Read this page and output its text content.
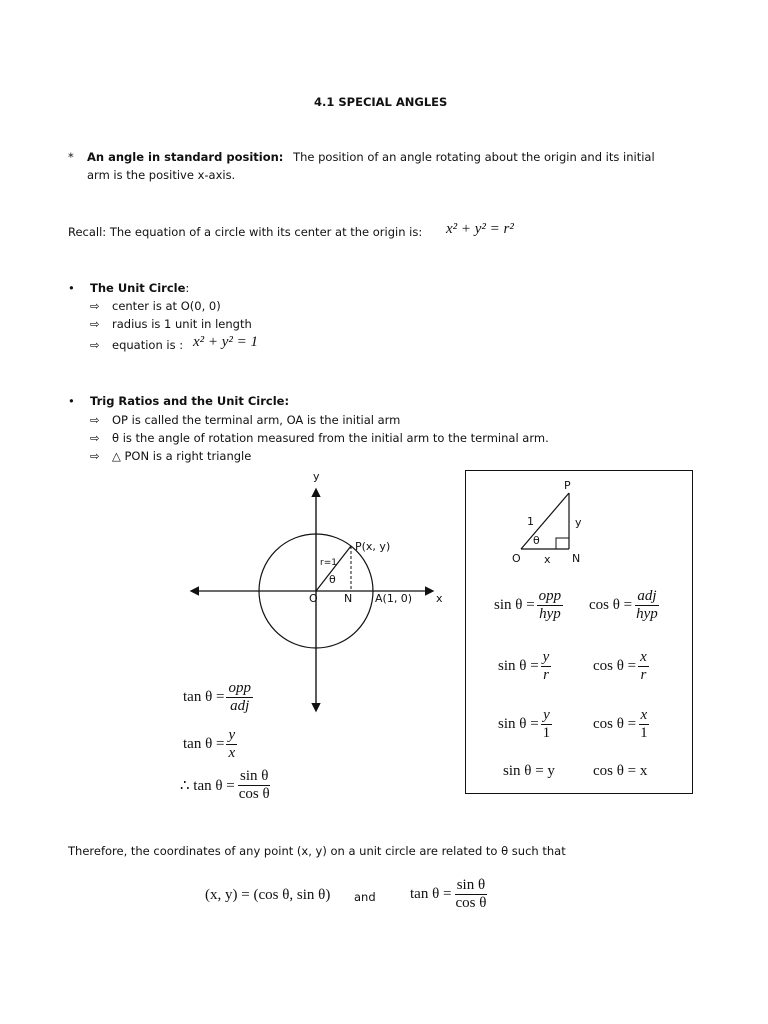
4.1 SPECIAL ANGLES
* An angle in standard position: The position of an angle rotating about the origin and its initial
arm is the positive x-axis.
Recall: The equation of a circle with its center at the origin is: x² + y² = r²
• The Unit Circle:
⇨ center is at O(0, 0)
⇨ radius is 1 unit in length
⇨ equation is : x² + y² = 1
• Trig Ratios and the Unit Circle:
⇨ OP is called the terminal arm, OA is the initial arm
⇨ θ is the angle of rotation measured from the initial arm to the terminal arm.
⇨ △ PON is a right triangle
y
x
O N A(1, 0)
P(x, y)
r=1
θ
P
O	N
1	y
x
θ
$\sin \theta = \frac{\text{opp}}{\text{hyp}}$ $\cos \theta = \frac{\text{adj}}{\text{hyp}}$
$\sin \theta = \frac{y}{r}$	$\cos \theta = \frac{x}{r}$
$\sin \theta = \frac{y}{1}$	$\cos \theta = \frac{x}{1}$
sin θ = y	cos θ = x
$\tan \theta = \frac{\text{opp}}{\text{adj}}$
$\tan \theta = \frac{y}{x}$
∴ $\tan \theta = \frac{\text{sin θ}}{\text{cos θ}}$
Therefore, the coordinates of any point (x, y) on a unit circle are related to θ such that
(x, y) = (cos θ, sin θ) and $\tan \theta = \frac{\text{sin θ}}{\text{cos θ}}$
